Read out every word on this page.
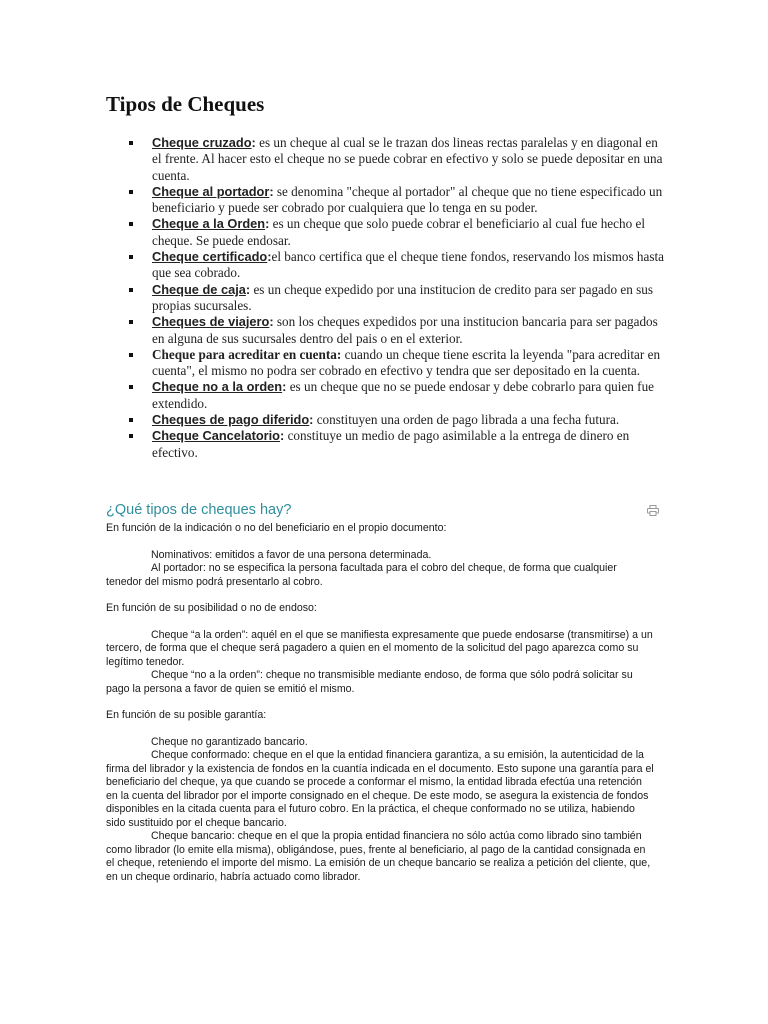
Tipos de Cheques
Cheque cruzado: es un cheque al cual se le trazan dos lineas rectas paralelas y en diagonal en el frente. Al hacer esto el cheque no se puede cobrar en efectivo y solo se puede depositar en una cuenta.
Cheque al portador: se denomina "cheque al portador" al cheque que no tiene especificado un beneficiario y puede ser cobrado por cualquiera que lo tenga en su poder.
Cheque a la Orden: es un cheque que solo puede cobrar el beneficiario al cual fue hecho el cheque. Se puede endosar.
Cheque certificado:el banco certifica que el cheque tiene fondos, reservando los mismos hasta que sea cobrado.
Cheque de caja: es un cheque expedido por una institucion de credito para ser pagado en sus propias sucursales.
Cheques de viajero: son los cheques expedidos por una institucion bancaria para ser pagados en alguna de sus sucursales dentro del pais o en el exterior.
Cheque para acreditar en cuenta: cuando un cheque tiene escrita la leyenda "para acreditar en cuenta", el mismo no podra ser cobrado en efectivo y tendra que ser depositado en la cuenta.
Cheque no a la orden: es un cheque que no se puede endosar y debe cobrarlo para quien fue extendido.
Cheques de pago diferido: constituyen una orden de pago librada a una fecha futura.
Cheque Cancelatorio: constituye un medio de pago asimilable a la entrega de dinero en efectivo.
¿Qué tipos de cheques hay?

En función de la indicación o no del beneficiario en el propio documento:

Nominativos: emitidos a favor de una persona determinada.

Al portador: no se especifica la persona facultada para el cobro del cheque, de forma que cualquier tenedor del mismo podrá presentarlo al cobro.

En función de su posibilidad o no de endoso:

Cheque “a la orden”: aquél en el que se manifiesta expresamente que puede endosarse (transmitirse) a un tercero, de forma que el cheque será pagadero a quien en el momento de la solicitud del pago aparezca como su legítimo tenedor.

Cheque “no a la orden”: cheque no transmisible mediante endoso, de forma que sólo podrá solicitar su pago la persona a favor de quien se emitió el mismo.

En función de su posible garantía:

Cheque no garantizado bancario.

Cheque conformado: cheque en el que la entidad financiera garantiza, a su emisión, la autenticidad de la firma del librador y la existencia de fondos en la cuantía indicada en el documento. Esto supone una garantía para el beneficiario del cheque, ya que cuando se procede a conformar el mismo, la entidad librada efectúa una retención en la cuenta del librador por el importe consignado en el cheque. De este modo, se asegura la existencia de fondos disponibles en la citada cuenta para el futuro cobro. En la práctica, el cheque conformado no se utiliza, habiendo sido sustituido por el cheque bancario.

Cheque bancario: cheque en el que la propia entidad financiera no sólo actúa como librado sino también como librador (lo emite ella misma), obligándose, pues, frente al beneficiario, al pago de la cantidad consignada en el cheque, reteniendo el importe del mismo. La emisión de un cheque bancario se realiza a petición del cliente, que, en un cheque ordinario, habría actuado como librador.
